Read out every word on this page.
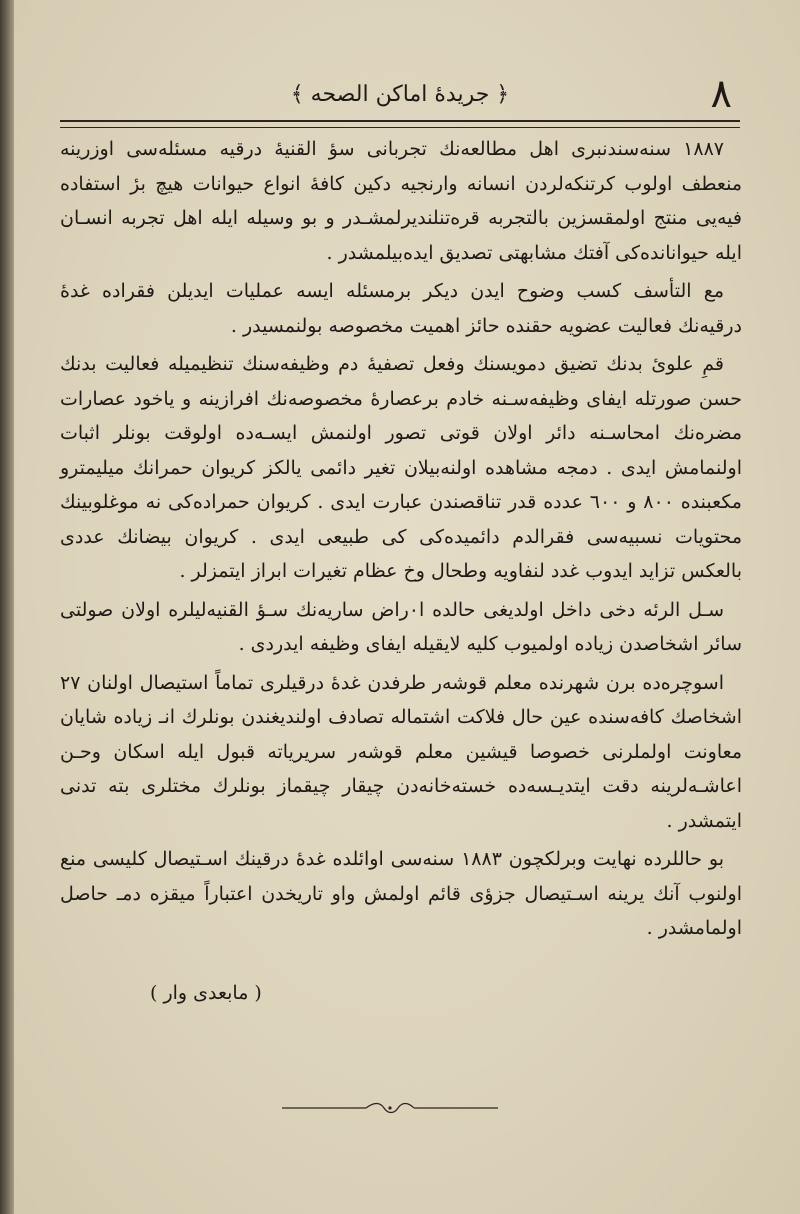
٨
﴿ جریدهٔ اماکن الصحه ﴾

١٨٨٧ سنه‌سندنبری اهل مطالعه‌نك تجربانی سؤ القنیهٔ درقیه مسئله‌سی اوزرینه منعطف اولوب كرتنكه‌لردن انسانه وارنجیه دكین كافهٔ انواع حیوانات هیچ برٔ استفاده فیه‌یی منتج اولمقسزین بالتجربه قره‌تنلندیرلمشـدر و بو وسیله ایله اهل تجربه انسـان ایله حیوانانده‌كی آفتك مشابهتی تصدیق ایده‌بیلمشدر .

مع التأسف كسب وضوح ایدن دیكر برمسئله ایسه عملیات ایدیلن فقراده غدهٔ درقیه‌نك فعالیت عضویه حقنده حائز اهمیت مخصوصه بولنمسیدر .

قمِ علویٔ بدنك تضیق دمویسنك وفعل تصفیهٔ دم وظیفه‌سنك تنظیمیله فعالیت بدنك حسن صورتله ایفای وظیفه‌سـنه خادم برعصارهٔ مخصوصه‌نك افرازینه و یاخود عصارات مضره‌نك امحاسـنه دائر اولان قوتی تصور اولنمش ایسـه‌ده اولوقت بونلر اثبات اولنمامش ایدی . دمجه مشاهده اولنه‌بیلان تغیر دائمی یالكز كریوان حمرانك میلیمترو مكعبنده ٨٠٠ و ٦٠٠ عدده قدر تناقصندن عبارت ایدی . كریوان حمراده‌كی نه موغلوبینك محتویات نسبیه‌سی فقرالدم دائمیده‌كی كی طبیعی ایدی . كریوان بیضانك عددی بالعكس تزاید ایدوب غدد لنفاویه وطحال وخ عظام تغیرات ابراز ایتمزلر .

سـل الرئه دخی داخل اولدیغی حالده ا٠راض ساریه‌نك سـؤ القنیه‌لیلره اولان صولتی سائر اشخاصدن زیاده اولمیوب كلیه لایقیله ایفای وظیفه ایدردی .

اسوچره‌ده برن شهرنده معلم قوشه‌ر طرفدن غدهٔ درقیلری تماماً استیصال اولنان ٢٧ اشخاصك كافه‌سنده عین حال فلاكت اشتماله تصادف اولندیغندن بونلرك انـ زیاده شایان معاونت اولملرنی خصوصا قیشین معلم قوشه‌ر سریریاته قبول ایله اسكان وحـن اعاشـه‌لرینه دقت ایتدیـسه‌ده خسته‌خانه‌دن چیقار چیقماز بونلرك مختلری بته تدنی ایتمشدر .

بو حاللرده نهایت وبرلكچون ١٨٨٣ سنه‌سی اوائلده غدهٔ درقینك اسـتیصال كلیسی منع اولنوب آنك یرینه اسـتیصال جزؤی قائم اولمش واو تاریخدن اعتباراً میقزه دمـ حاصل اولمامشدر .

( مابعدی وار )
